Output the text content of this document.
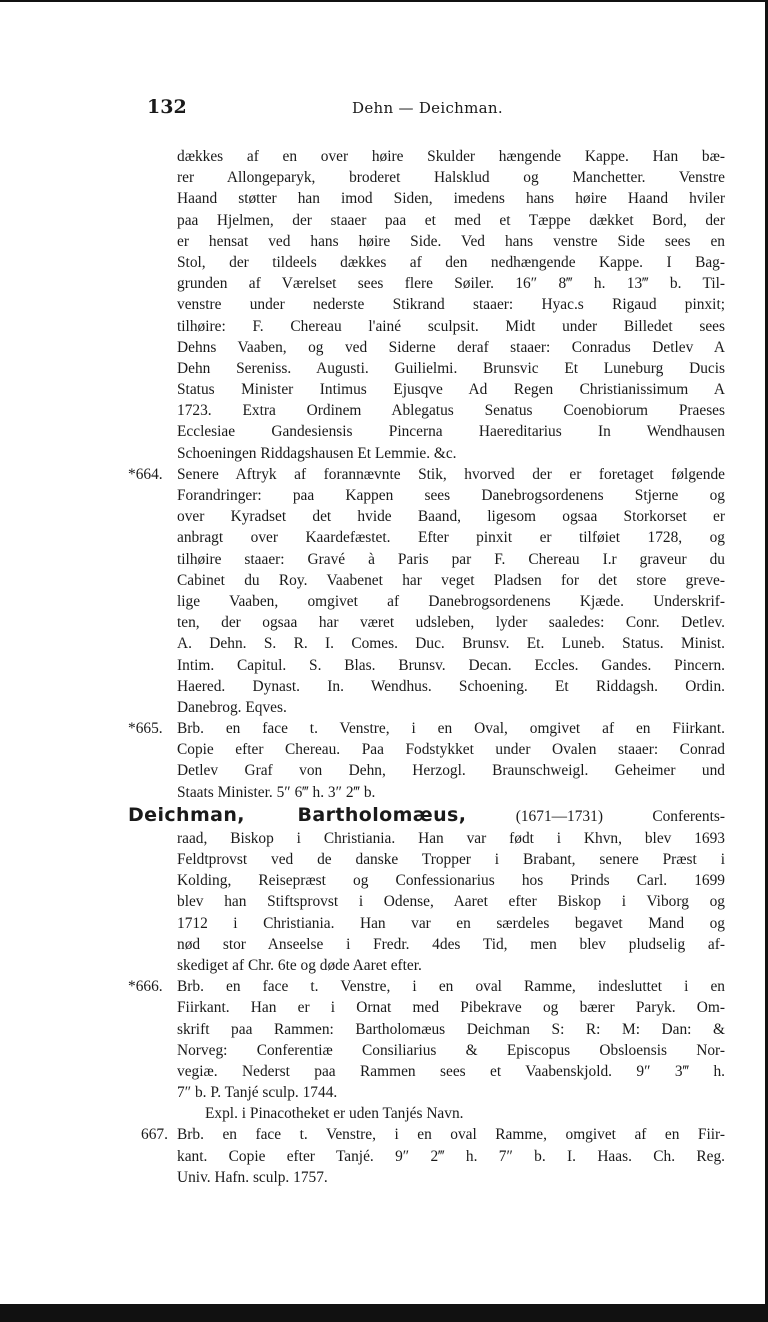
132	Dehn — Deichman.
dækkes af en over høire Skulder hængende Kappe. Han bæ-
rer Allongeparyk, broderet Halsklud og Manchetter. Venstre
Haand støtter han imod Siden, imedens hans høire Haand hviler
paa Hjelmen, der staaer paa et med et Tæppe dækket Bord, der
er hensat ved hans høire Side. Ved hans venstre Side sees en
Stol, der tildeels dækkes af den nedhængende Kappe. I Bag-
grunden af Værelset sees flere Søiler. 16″ 8‴ h. 13‴ b. Til-
venstre under nederste Stikrand staaer: Hyac.s Rigaud pinxit;
tilhøire: F. Chereau l'ainé sculpsit. Midt under Billedet sees
Dehns Vaaben, og ved Siderne deraf staaer: Conradus Detlev A
Dehn Sereniss. Augusti. Guilielmi. Brunsvic Et Luneburg Ducis
Status Minister Intimus Ejusqve Ad Regen Christianissimum A
1723. Extra Ordinem Ablegatus Senatus Coenobiorum Praeses
Ecclesiae Gandesiensis Pincerna Haereditarius In Wendhausen
Schoeningen Riddagshausen Et Lemmie. &c.
*664. Senere Aftryk af forannævnte Stik, hvorved der er foretaget følgende
Forandringer: paa Kappen sees Danebrogsordenens Stjerne og
over Kyradset det hvide Baand, ligesom ogsaa Storkorset er
anbragt over Kaardefæstet. Efter pinxit er tilføiet 1728, og
tilhøire staaer: Gravé à Paris par F. Chereau I.r graveur du
Cabinet du Roy. Vaabenet har veget Pladsen for det store greve-
lige Vaaben, omgivet af Danebrogsordenens Kjæde. Underskrif-
ten, der ogsaa har været udsleben, lyder saaledes: Conr. Detlev.
A. Dehn. S. R. I. Comes. Duc. Brunsv. Et. Luneb. Status. Minist.
Intim. Capitul. S. Blas. Brunsv. Decan. Eccles. Gandes. Pincern.
Haered. Dynast. In. Wendhus. Schoening. Et Riddagsh. Ordin.
Danebrog. Eqves.
*665. Brb. en face t. Venstre, i en Oval, omgivet af en Fiirkant.
Copie efter Chereau. Paa Fodstykket under Ovalen staaer: Conrad
Detlev Graf von Dehn, Herzogl. Braunschweigl. Geheimer und
Staats Minister. 5″ 6‴ h. 3″ 2‴ b.
Deichman, Bartholomæus,	(1671—1731) Conferents-
raad, Biskop i Christiania. Han var født i Khvn, blev 1693
Feldtprovst ved de danske Tropper i Brabant, senere Præst i
Kolding, Reisepræst og Confessionarius hos Prinds Carl. 1699
blev han Stiftsprovst i Odense, Aaret efter Biskop i Viborg og
1712 i Christiania. Han var en særdeles begavet Mand og
nød stor Anseelse i Fredr. 4des Tid, men blev pludselig af-
skediget af Chr. 6te og døde Aaret efter.
*666. Brb. en face t. Venstre, i en oval Ramme, indesluttet i en
Fiirkant. Han er i Ornat med Pibekrave og bærer Paryk. Om-
skrift paa Rammen: Bartholomæus Deichman S: R: M: Dan: &
Norveg: Conferentiæ Consiliarius & Episcopus Obsloensis Nor-
vegiæ. Nederst paa Rammen sees et Vaabenskjold. 9″ 3‴ h.
7″ b. P. Tanjé sculp. 1744.
Expl. i Pinacotheket er uden Tanjés Navn.
667. Brb. en face t. Venstre, i en oval Ramme, omgivet af en Fiir-
kant. Copie efter Tanjé. 9″ 2‴ h. 7″ b. I. Haas. Ch. Reg.
Univ. Hafn. sculp. 1757.
